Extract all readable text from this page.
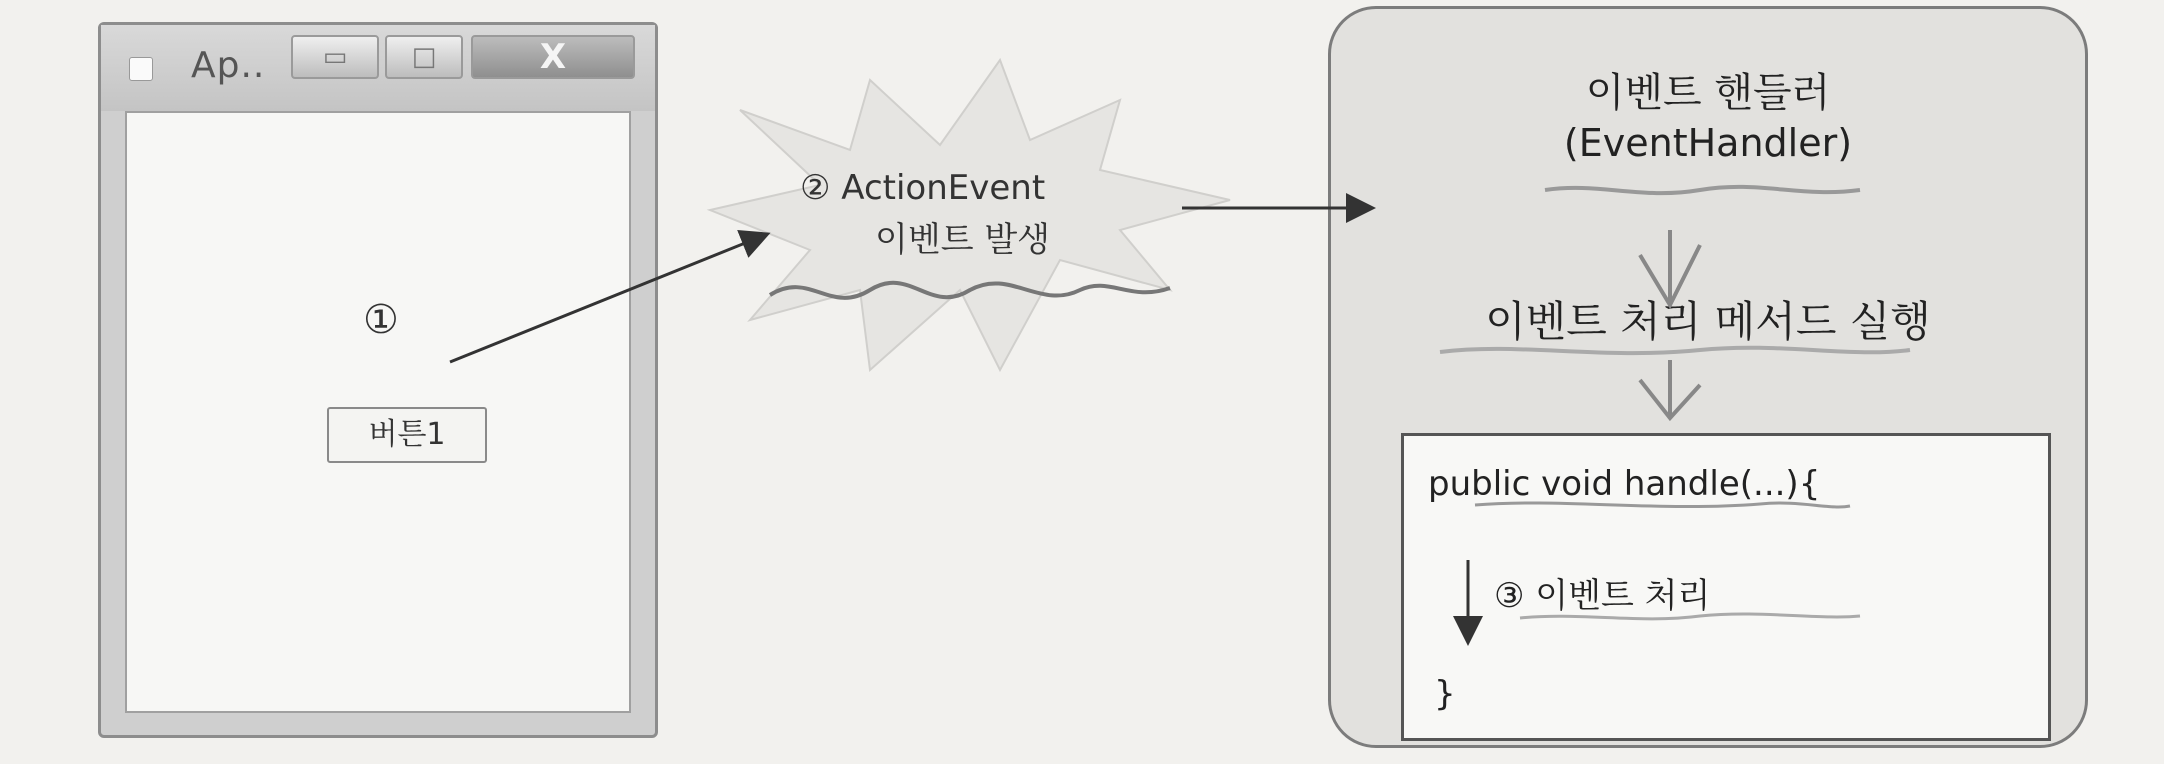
Ap..	▭	□	X
①
버튼1
② ActionEvent
이벤트 발생
이벤트 핸들러
(EventHandler)
이벤트 처리 메서드 실행
public void handle(...){
③ 이벤트 처리
}
